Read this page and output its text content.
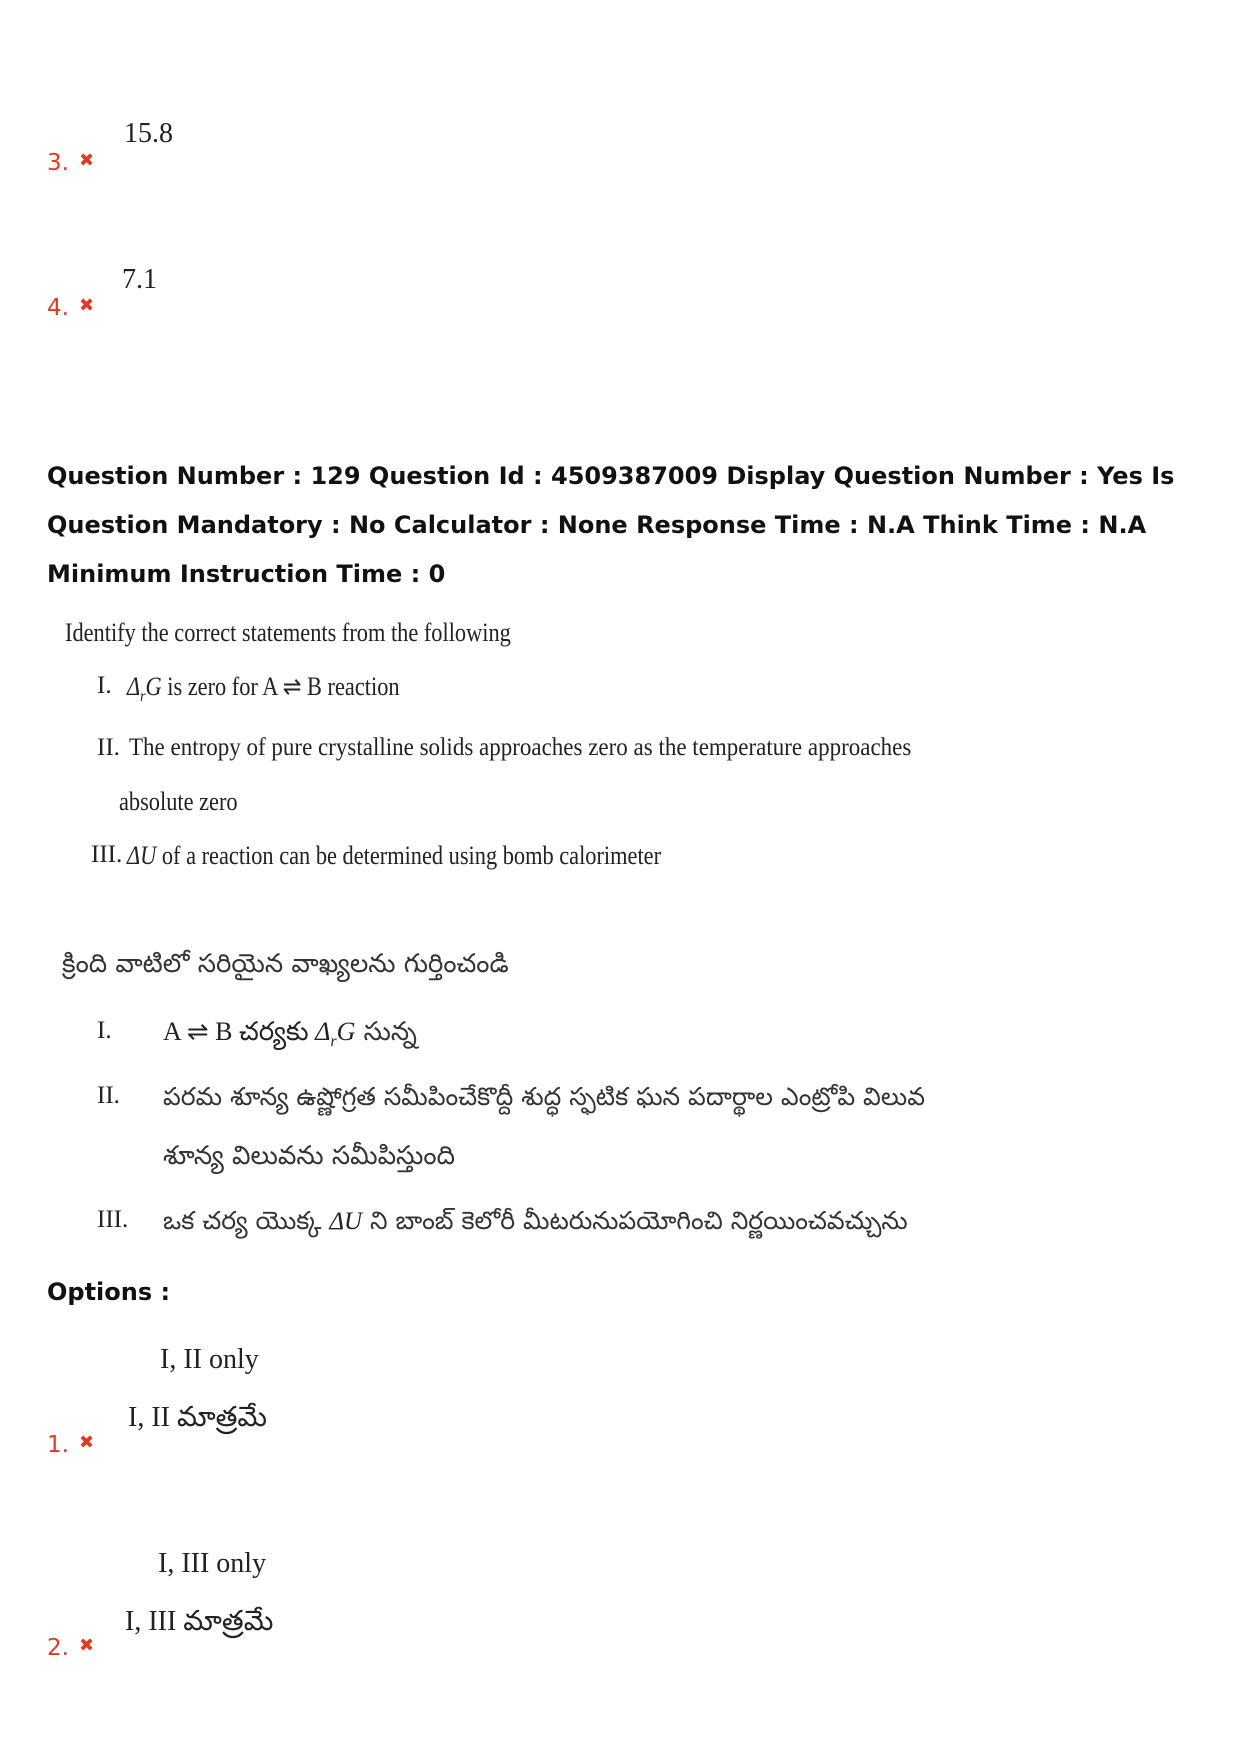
15.8
3. ✖
7.1
4. ✖
Question Number : 129 Question Id : 4509387009 Display Question Number : Yes Is Question Mandatory : No Calculator : None Response Time : N.A Think Time : N.A Minimum Instruction Time : 0
Identify the correct statements from the following
I. $\Delta_rG$ is zero for A ⇌ B reaction
II. The entropy of pure crystalline solids approaches zero as the temperature approaches
absolute zero
III. ΔU of a reaction can be determined using bomb calorimeter
క్రింది వాటిలో సరియైన వాఖ్యలను గుర్తించండి
I. A ⇌ B చర్యకు $\Delta_rG$ సున్న
II. పరమ శూన్య ఉష్ణోగ్రత సమీపించేకొద్దీ శుద్ధ స్ఫటిక ఘన పదార్థాల ఎంట్రోపి విలువ
శూన్య విలువను సమీపిస్తుంది
III. ఒక చర్య యొక్క ΔU ని బాంబ్ కెలోరీ మీటరునుపయోగించి నిర్ణయించవచ్చును
Options :
I, II only
I, II మాత్రమే
1. ✖
I, III only
I, III మాత్రమే
2. ✖
